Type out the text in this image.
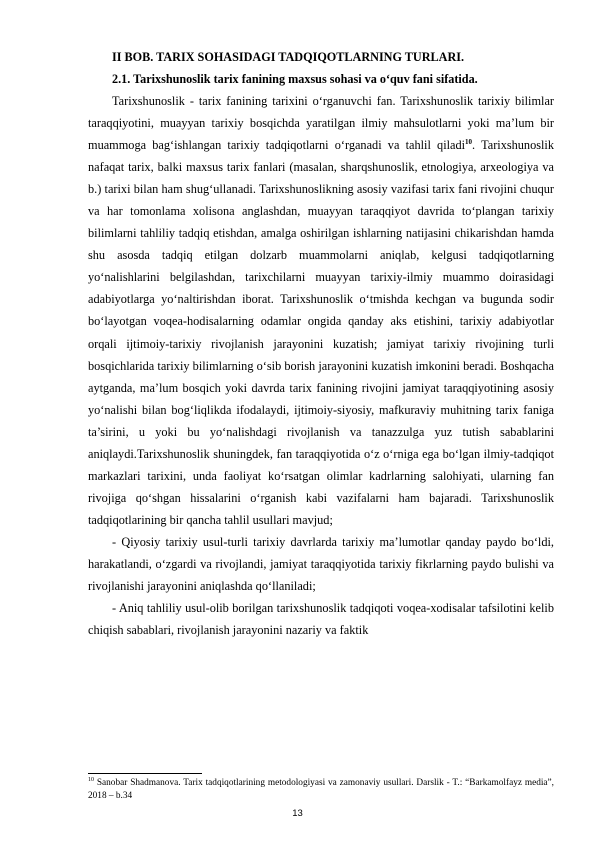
II BOB. TARIX SOHASIDAGI TADQIQOTLARNING TURLARI.

2.1. Tarixshunoslik tarix fanining maxsus sohasi va o‘quv fani sifatida.

Tarixshunoslik - tarix fanining tarixini o‘rganuvchi fan. Tarixshunoslik tarixiy bilimlar taraqqiyotini, muayyan tarixiy bosqichda yaratilgan ilmiy mahsulotlarni yoki ma’lum bir muammoga bag‘ishlangan tarixiy tadqiqotlarni o‘rganadi va tahlil qiladi$^{10}$. Tarixshunoslik nafaqat tarix, balki maxsus tarix fanlari (masalan, sharqshunoslik, etnologiya, arxeologiya va b.) tarixi bilan ham shug‘ullanadi. Tarixshunoslikning asosiy vazifasi tarix fani rivojini chuqur va har tomonlama xolisona anglashdan, muayyan taraqqiyot davrida to‘plangan tarixiy bilimlarni tahliliy tadqiq etishdan, amalga oshirilgan ishlarning natijasini chikarishdan hamda shu asosda tadqiq etilgan dolzarb muammolarni aniqlab, kelgusi tadqiqotlarning yo‘nalishlarini belgilashdan, tarixchilarni muayyan tarixiy-ilmiy muammo doirasidagi adabiyotlarga yo‘naltirishdan iborat. Tarixshunoslik o‘tmishda kechgan va bugunda sodir bo‘layotgan voqea-hodisalarning odamlar ongida qanday aks etishini, tarixiy adabiyotlar orqali ijtimoiy-tarixiy rivojlanish jarayonini kuzatish; jamiyat tarixiy rivojining turli bosqichlarida tarixiy bilimlarning o‘sib borish jarayonini kuzatish imkonini beradi. Boshqacha aytganda, ma’lum bosqich yoki davrda tarix fanining rivojini jamiyat taraqqiyotining asosiy yo‘nalishi bilan bog‘liqlikda ifodalaydi, ijtimoiy-siyosiy, mafkuraviy muhitning tarix faniga ta’sirini, u yoki bu yo‘nalishdagi rivojlanish va tanazzulga yuz tutish sabablarini aniqlaydi.Tarixshunoslik shuningdek, fan taraqqiyotida o‘z o‘rniga ega bo‘lgan ilmiy-tadqiqot markazlari tarixini, unda faoliyat ko‘rsatgan olimlar kadrlarning salohiyati, ularning fan rivojiga qo‘shgan hissalarini o‘rganish kabi vazifalarni ham bajaradi. Tarixshunoslik tadqiqotlarining bir qancha tahlil usullari mavjud;

- Qiyosiy tarixiy usul-turli tarixiy davrlarda tarixiy ma’lumotlar qanday paydo bo‘ldi, harakatlandi, o‘zgardi va rivojlandi, jamiyat taraqqiyotida tarixiy fikrlarning paydo bulishi va rivojlanishi jarayonini aniqlashda qo‘llaniladi;

- Aniq tahliliy usul-olib borilgan tarixshunoslik tadqiqoti voqea-xodisalar tafsilotini kelib chiqish sabablari, rivojlanish jarayonini nazariy va faktik

$^{10}$ Sanobar Shadmanova. Tarix tadqiqotlarining metodologiyasi va zamonaviy usullari. Darslik - T.: “Barkamolfayz media”, 2018 – b.34
13
